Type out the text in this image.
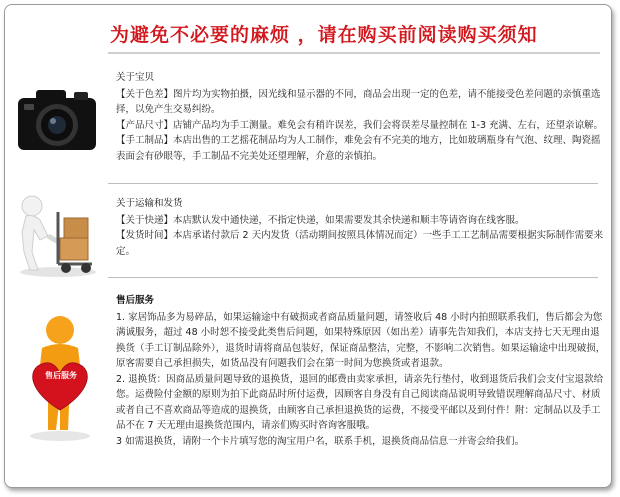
为避免不必要的麻烦 ，请在购买前阅读购买须知
售后服务
关于宝贝

【关于色差】图片均为实物拍摄，因光线和显示器的不同，商品会出现一定的色差，请不能接受色差问题的亲慎重选择，以免产生交易纠纷。

【产品尺寸】店铺产品均为手工测量。难免会有稍许误差，我们会将误差尽量控制在 1-3 充满、左右，还望亲谅解。

【手工制品】本店出售的工艺摇花制品均为人工制作，难免会有不完美的地方，比如玻璃瓶身有气泡、纹理、陶瓷摇表面会有砂眼等，手工制品不完美处还望理解，介意的亲慎拍。

关于运输和发货

【关于快递】本店默认发中通快递，不指定快递，如果需要发其余快递和顺丰等请咨询在线客服。

【发货时间】本店承诺付款后 2 天内发货（活动期间按照具体情况而定）一些手工工艺制品需要根据实际制作需要来定。

售后服务

1. 家居饰品多为易碎品，如果运输途中有破损或者商品质量问题，请签收后 48 小时内拍照联系我们，售后都会为您满诚服务，超过 48 小时恕不接受此类售后问题，如果特殊原因（如出差）请事先告知我们，本店支持七天无理由退换货（手工订制品除外），退货时请将商品包装好，保证商品整洁，完整，不影响二次销售。如果运输途中出现破损，原客需要自己承担损失，如货品没有问题我们会在第一时间为您换货或者退款。

2. 退换货：因商品质量问题导致的退换货，退回的邮费由卖家承担，请亲先行垫付，收到退货后我们会支付宝退款给您。运费险付金额的原则为拍下此商品时所付运费，因顾客自身没有自己阅读商品说明导致错误理解商品尺寸、材质或者自己不喜欢商品等造成的退换货，由顾客自己承担退换货的运费，不接受平邮以及到付件！附：定制品以及手工品不在 7 天无理由退换货范围内，请亲们购买时咨询客服哦。

3 如需退换货，请附一个卡片填写您的淘宝用户名，联系手机，退换货商品信息一并寄会给我们。
